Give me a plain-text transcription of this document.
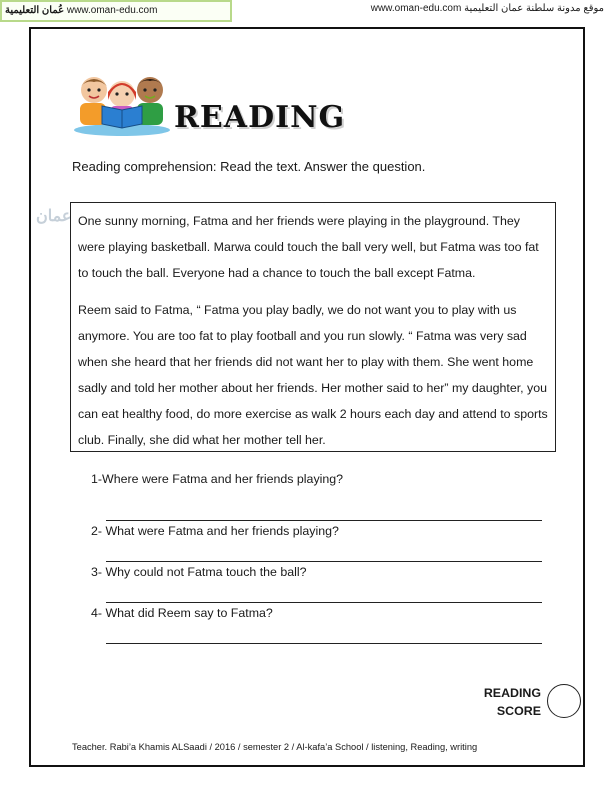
عُمان التعليمية www.oman-edu.com	www.oman-edu.com موقع مدونة سلطنة عمان التعليمية
READING
Reading comprehension: Read the text. Answer the question.
عمان One sunny morning, Fatma and her friends were playing in the playground. They were playing basketball. Marwa could touch the ball very well, but Fatma was too fat to touch the ball. Everyone had a chance to touch the ball except Fatma.

Reem said to Fatma, “ Fatma you play badly, we do not want you to play with us anymore. You are too fat to play football and you run slowly. “ Fatma was very sad when she heard that her friends did not want her to play with them. She went home sadly and told her mother about her friends. Her mother said to her” my daughter, you can eat healthy food, do more exercise as walk 2 hours each day and attend to sports club. Finally, she did what her mother tell her.

1-Where were Fatma and her friends playing?
2- What were Fatma and her friends playing?
3- Why could not Fatma touch the ball?
4- What did Reem say to Fatma?
READING
SCORE
Teacher. Rabi’a Khamis ALSaadi / 2016 / semester 2 / Al-kafa’a School / listening, Reading, writing
